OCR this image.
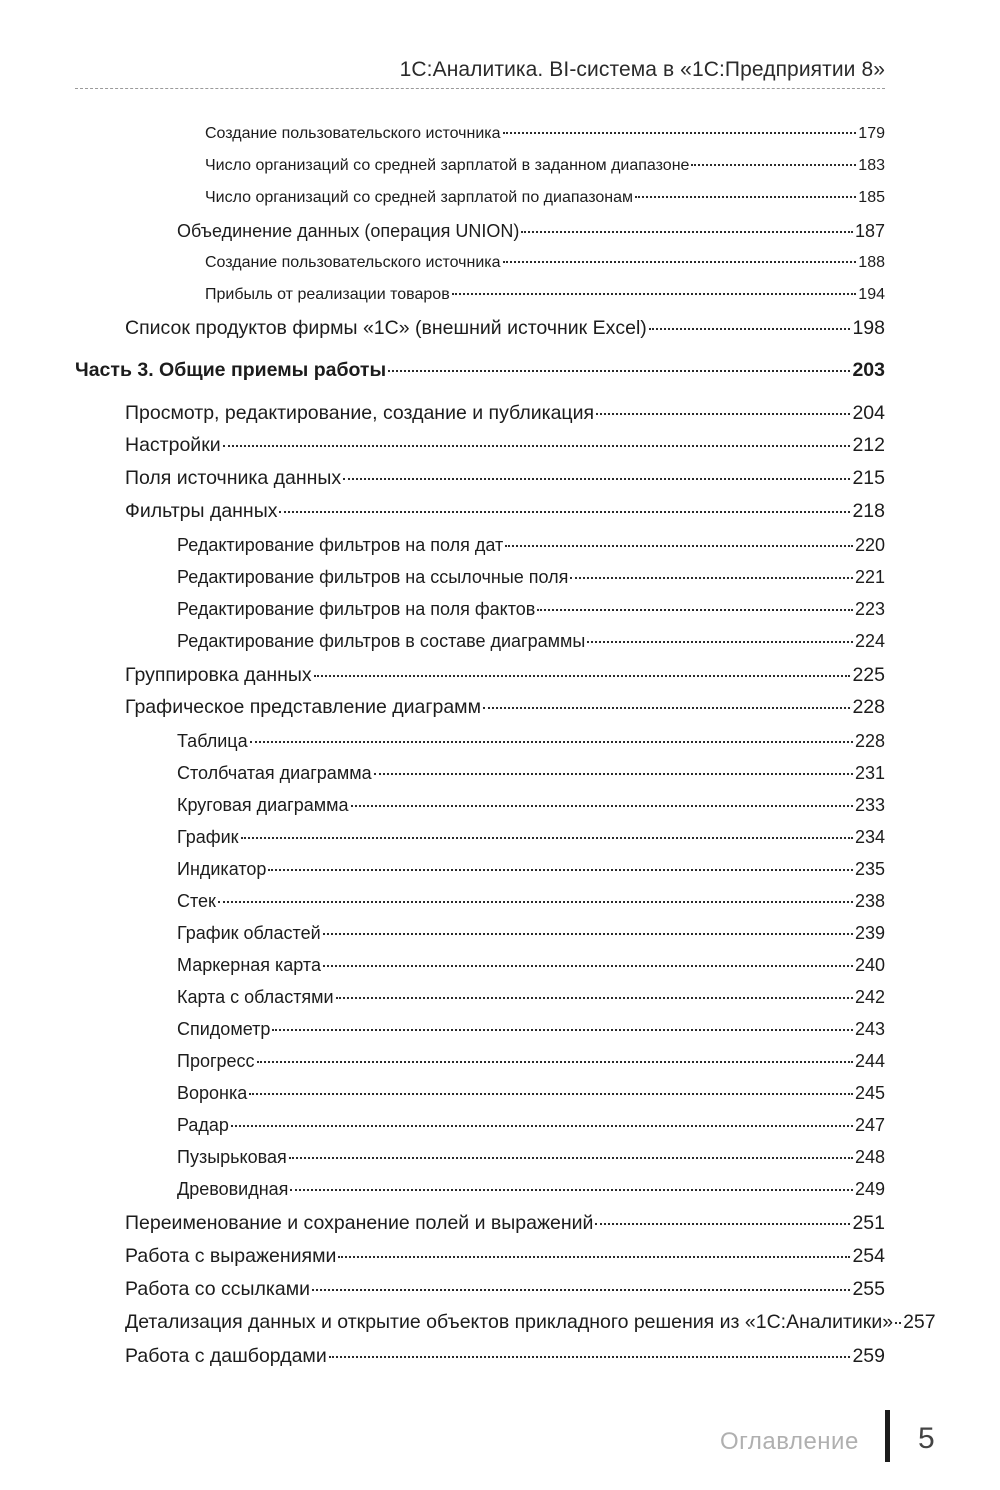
1С:Аналитика. BI-система в «1С:Предприятии 8»
Создание пользовательского источника	179
Число организаций со средней зарплатой в заданном диапазоне	183
Число организаций со средней зарплатой по диапазонам	185
Объединение данных (операция UNION)	187
Создание пользовательского источника	188
Прибыль от реализации товаров	194
Список продуктов фирмы «1С» (внешний источник Excel)	198
Часть 3. Общие приемы работы	203
Просмотр, редактирование, создание и публикация	204
Настройки	212
Поля источника данных	215
Фильтры данных	218
Редактирование фильтров на поля дат	220
Редактирование фильтров на ссылочные поля	221
Редактирование фильтров на поля фактов	223
Редактирование фильтров в составе диаграммы	224
Группировка данных	225
Графическое представление диаграмм	228
Таблица	228
Столбчатая диаграмма	231
Круговая диаграмма	233
График	234
Индикатор	235
Стек	238
График областей	239
Маркерная карта	240
Карта с областями	242
Спидометр	243
Прогресс	244
Воронка	245
Радар	247
Пузырьковая	248
Древовидная	249
Переименование и сохранение полей и выражений	251
Работа с выражениями	254
Работа со ссылками	255
Детализация данных и открытие объектов прикладного решения из «1С:Аналитики» 257
Работа с дашбордами	259
Оглавление 5
